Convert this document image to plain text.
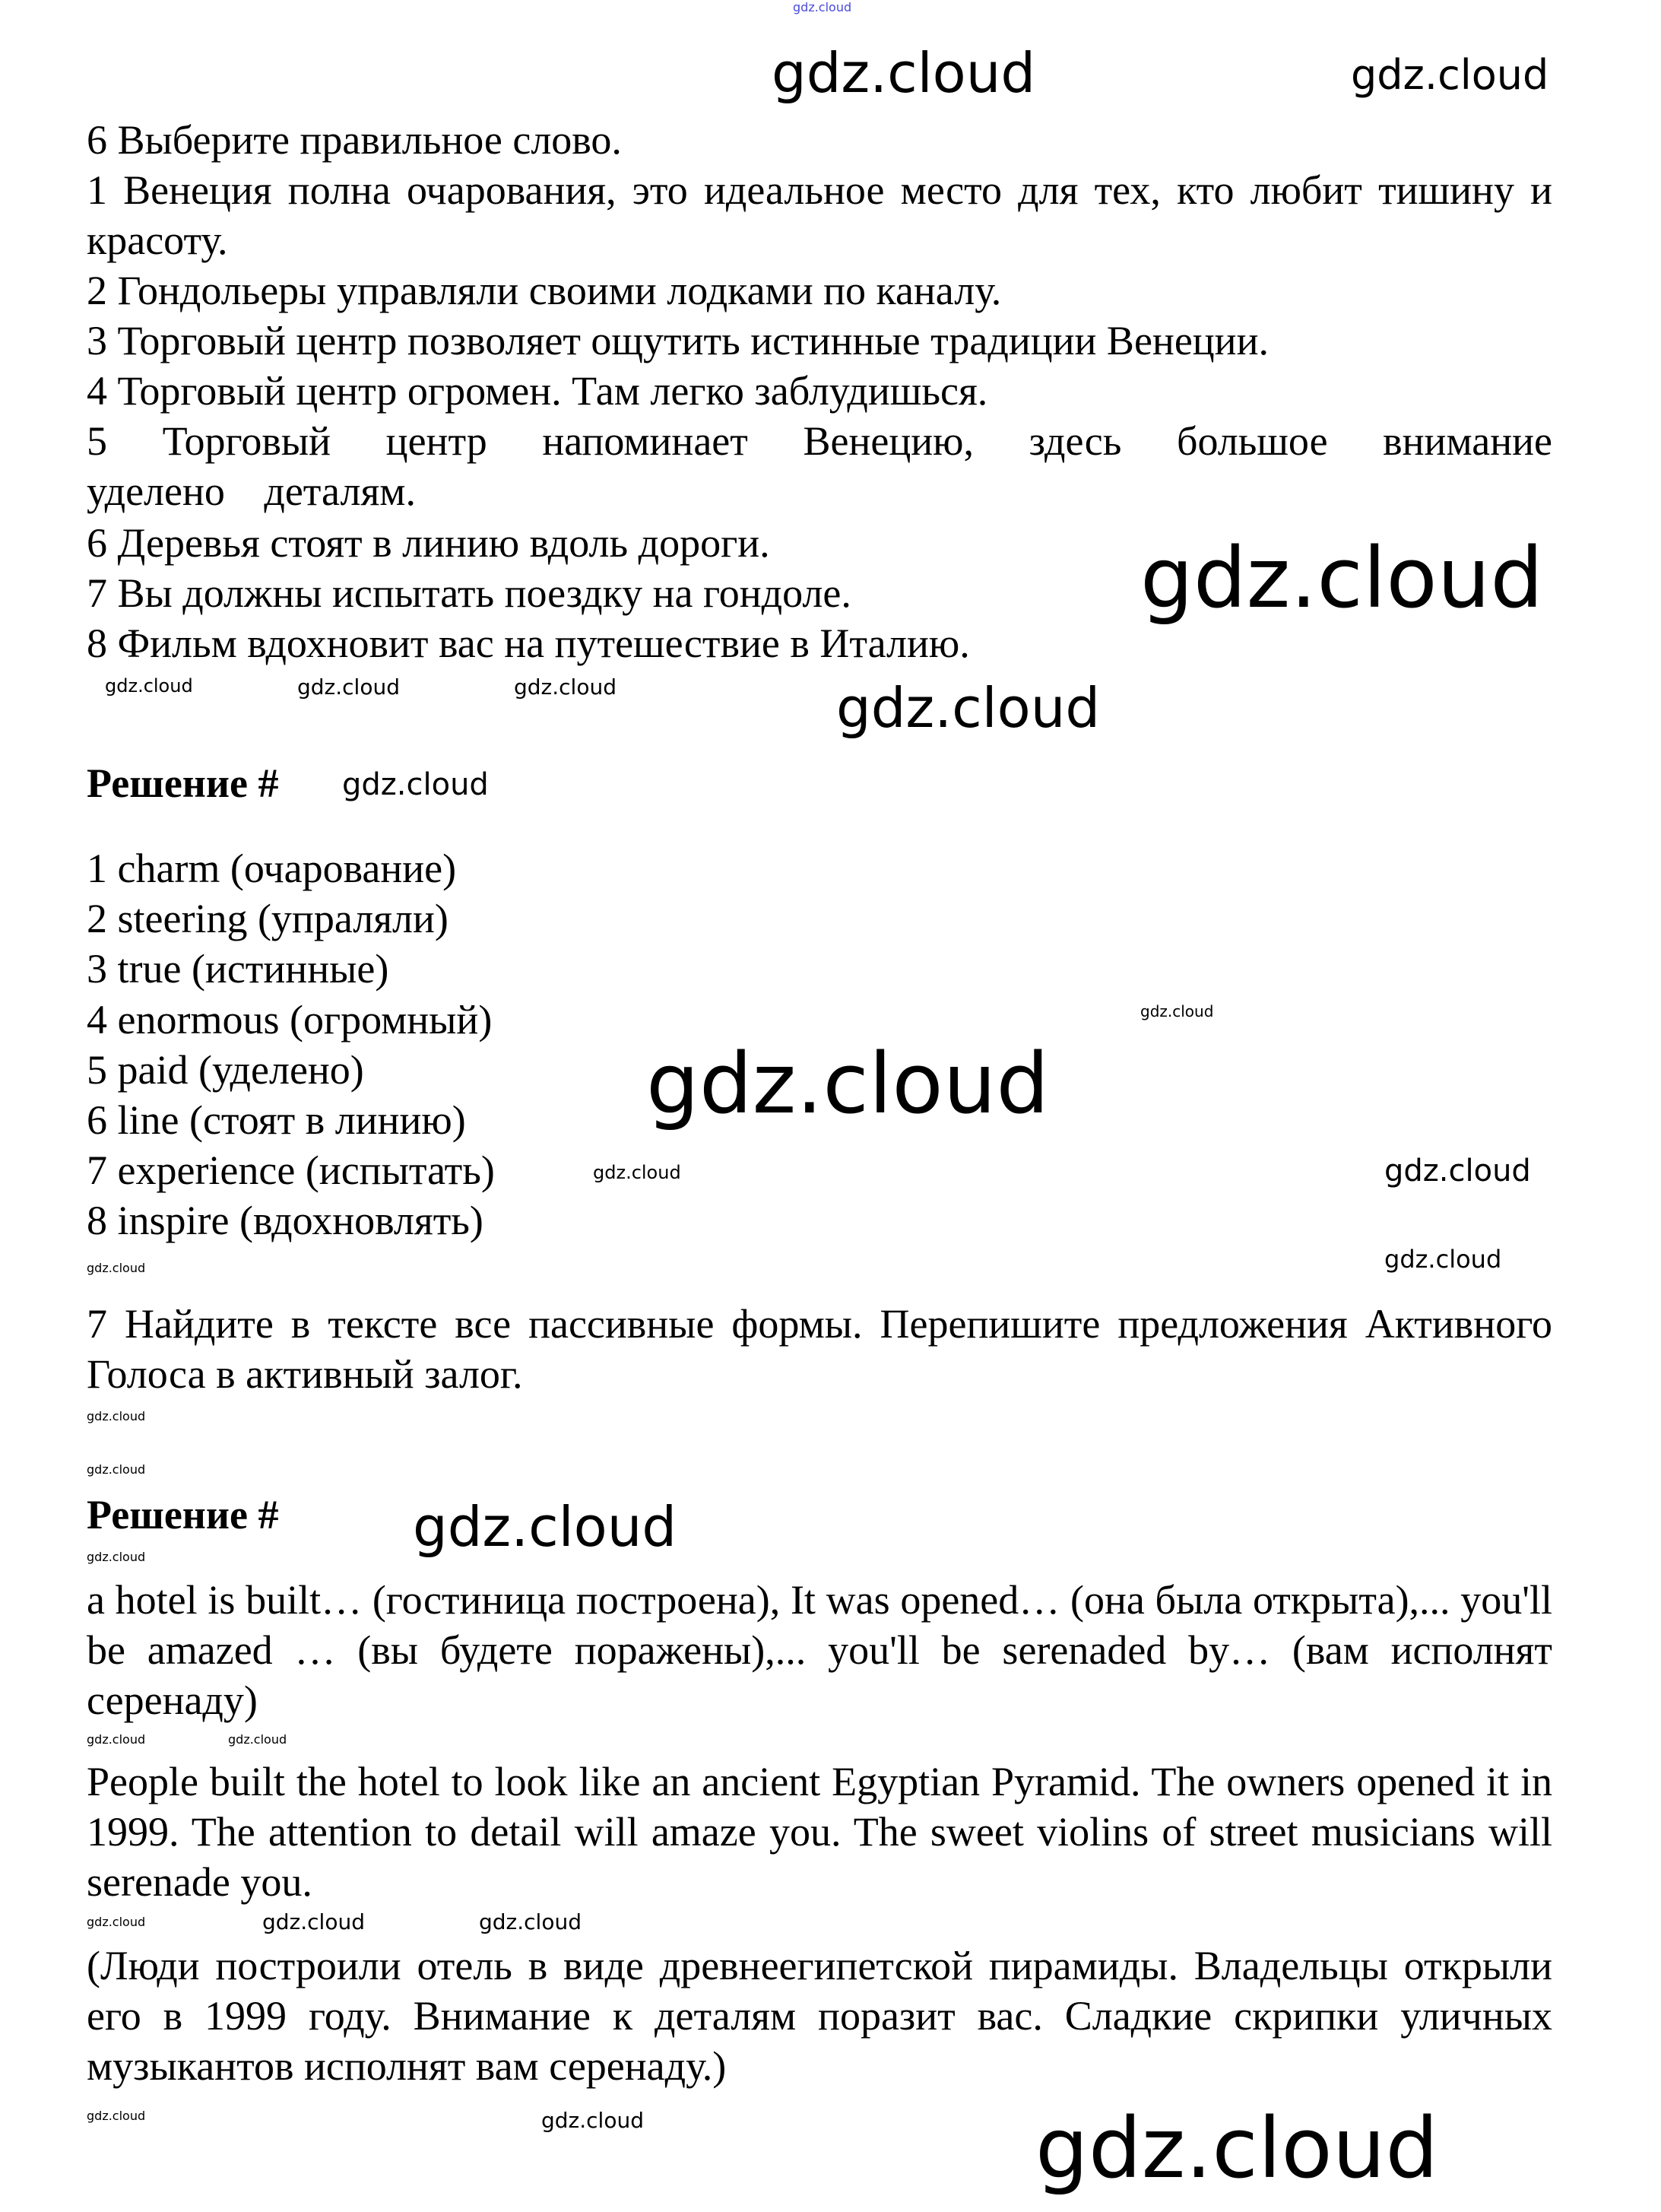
6 Выберите правильное слово.

1 Венеция полна очарования, это идеальное место для тех, кто любит тишину и красоту.

2 Гондольеры управляли своими лодками по каналу.

3 Торговый центр позволяет ощутить истинные традиции Венеции.

4 Торговый центр огромен. Там легко заблудишься.

5 Торговый центр напоминает Венецию, здесь большое внимание уделено деталям.

6 Деревья стоят в линию вдоль дороги.

7 Вы должны испытать поездку на гондоле.

8 Фильм вдохновит вас на путешествие в Италию.

Решение #

1 charm (очарование)

2 steering (упраляли)

3 true (истинные)

4 enormous (огромный)

5 paid (уделено)

6 line (стоят в линию)

7 experience (испытать)

8 inspire (вдохновлять)

7 Найдите в тексте все пассивные формы. Перепишите предложения Активного Голоса в активный залог.

Решение #

a hotel is built… (гостиница построена), It was opened… (она была открыта),... you'll be amazed … (вы будете поражены),... you'll be serenaded by… (вам исполнят серенаду)

People built the hotel to look like an ancient Egyptian Pyramid. The owners opened it in 1999. The attention to detail will amaze you. The sweet violins of street musicians will serenade you.

(Люди построили отель в виде древнеегипетской пирамиды. Владельцы открыли его в 1999 году. Внимание к деталям поразит вас. Сладкие скрипки уличных музыкантов исполнят вам серенаду.)

gdz.cloud
gdz.cloud	gdz.cloud
gdz.cloud
gdz.cloud	gdz.cloud	gdz.cloud
gdz.cloud
gdz.cloud
gdz.cloud
gdz.cloud
gdz.cloud
gdz.cloud
gdz.cloud
gdz.cloud
gdz.cloud
gdz.cloud
gdz.cloud
gdz.cloud
gdz.cloud
gdz.cloud
gdz.cloud
gdz.cloud
gdz.cloud	gdz.cloud
gdz.cloud	gdz.cloud
